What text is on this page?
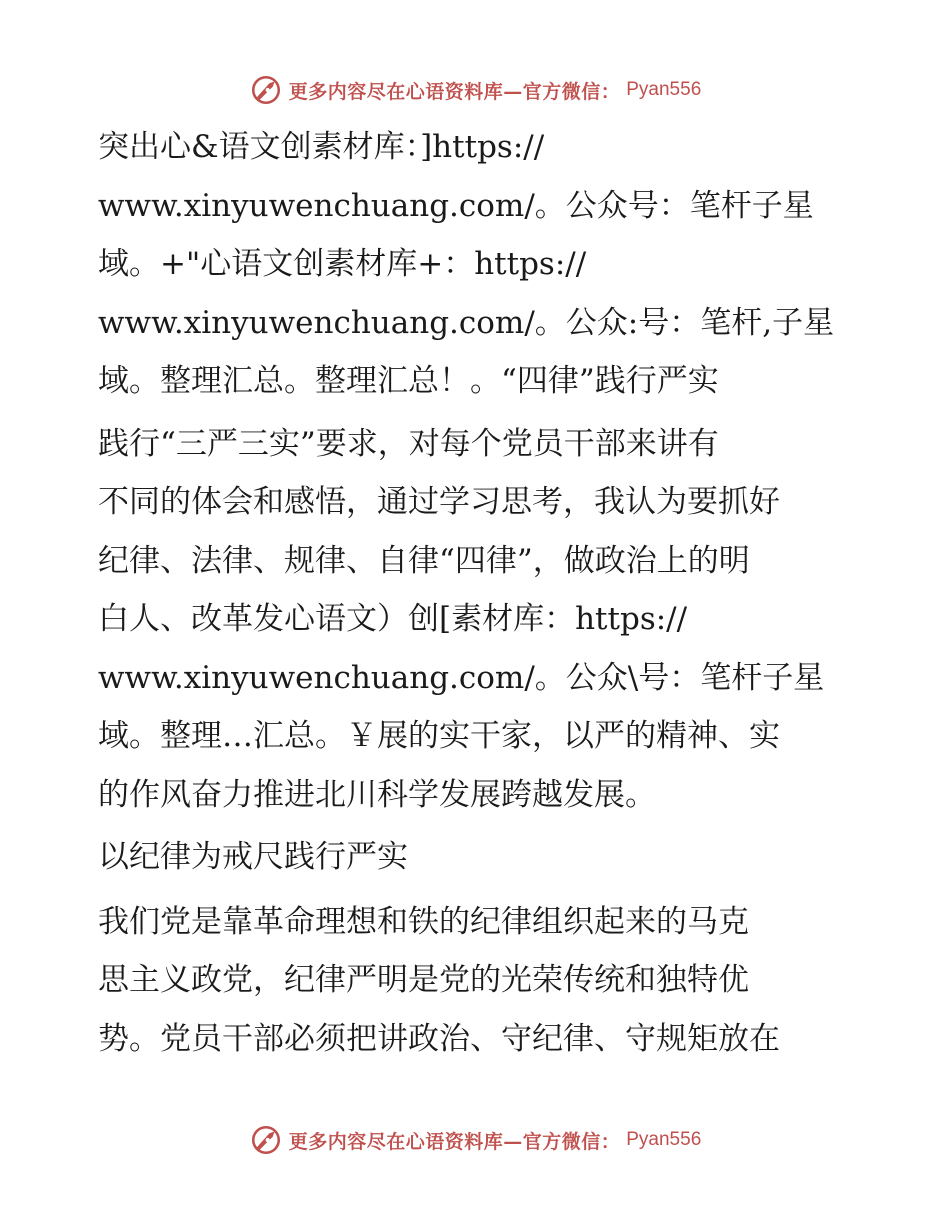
更多内容尽在心语资料库—官方微信： Pyan556

突出心&语文创素材库：]https://
www.xinyuwenchuang.com/。公众号：笔杆子星
域。+"心语文创素材库+：https://
www.xinyuwenchuang.com/。公众:号：笔杆,子星
域。整理汇总。整理汇总！。“四律”践行严实

践行“三严三实”要求，对每个党员干部来讲有
不同的体会和感悟，通过学习思考，我认为要抓好
纪律、法律、规律、自律“四律”，做政治上的明
白人、改革发心语文）创[素材库：https://
www.xinyuwenchuang.com/。公众\号：笔杆子星
域。整理…汇总。￥展的实干家，以严的精神、实
的作风奋力推进北川科学发展跨越发展。

以纪律为戒尺践行严实

我们党是靠革命理想和铁的纪律组织起来的马克
思主义政党，纪律严明是党的光荣传统和独特优
势。党员干部必须把讲政治、守纪律、守规矩放在

更多内容尽在心语资料库—官方微信： Pyan556
